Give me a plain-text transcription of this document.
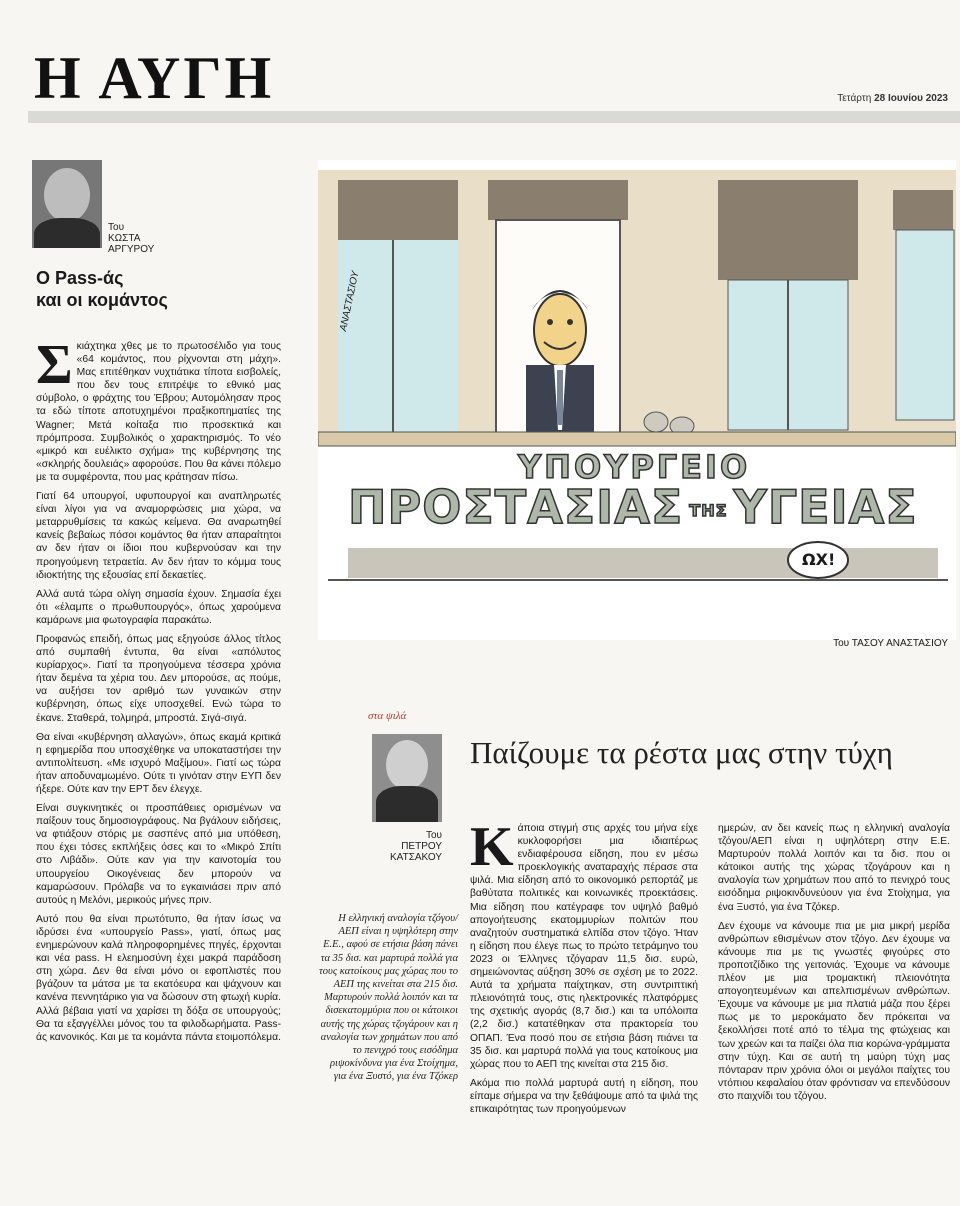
Η ΑΥΓΗ	Τετάρτη 28 Ιουνίου 2023
Του
ΚΩΣΤΑ
ΑΡΓΥΡΟΥ
Ο Pass-άς
και οι κομάντος

Σκιάχτηκα χθες με το πρωτοσέλιδο για τους «64 κομάντος, που ρίχνονται στη μάχη». Μας επιτέθηκαν νυχτιάτικα τίποτα εισβολείς, που δεν τους επιτρέψε το εθνικό μας σύμβολο, ο φράχτης του Έβρου; Αυτομόλησαν προς τα εδώ τίποτε αποτυχημένοι πραξικοπηματίες της Wagner; Μετά κοίταξα πιο προσεκτικά και πρόμπροσα. Συμβολικός ο χαρακτηρισμός. Το νέο «μικρό και ευέλικτο σχήμα» της κυβέρνησης της «σκληρής δουλειάς» αφορούσε. Που θα κάνει πόλεμο με τα συμφέροντα, που μας κράτησαν πίσω.

Γιατί 64 υπουργοί, υφυπουργοί και αναπληρωτές είναι λίγοι για να αναμορφώσεις μια χώρα, να μεταρρυθμίσεις τα κακώς κείμενα. Θα αναρωτηθεί κανείς βεβαίως πόσοι κομάντος θα ήταν απαραίτητοι αν δεν ήταν οι ίδιοι που κυβερνούσαν και την προηγούμενη τετραετία. Αν δεν ήταν το κόμμα τους ιδιοκτήτης της εξουσίας επί δεκαετίες.

Αλλά αυτά τώρα ολίγη σημασία έχουν. Σημασία έχει ότι «έλαμπε ο πρωθυπουργός», όπως χαρούμενα καμάρωνε μια φωτογραφία παρακάτω.

Προφανώς επειδή, όπως μας εξηγούσε άλλος τίτλος από συμπαθή έντυπα, θα είναι «απόλυτος κυρίαρχος». Γιατί τα προηγούμενα τέσσερα χρόνια ήταν δεμένα τα χέρια του. Δεν μπορούσε, ας πούμε, να αυξήσει τον αριθμό των γυναικών στην κυβέρνηση, όπως είχε υποσχεθεί. Ενώ τώρα το έκανε. Σταθερά, τολμηρά, μπροστά. Σιγά-σιγά.

Θα είναι «κυβέρνηση αλλαγών», όπως εκαμά κριτικά η εφημερίδα που υποσχέθηκε να υποκαταστήσει την αντιπολίτευση. «Με ισχυρό Μαξίμου». Γιατί ως τώρα ήταν αποδυναμωμένο. Ούτε τι γινόταν στην ΕΥΠ δεν ήξερε. Ούτε καν την ΕΡΤ δεν έλεγχε.

Είναι συγκινητικές οι προσπάθειες ορισμένων να παίξουν τους δημοσιογράφους. Να βγάλουν ειδήσεις, να φτιάξουν στόρις με σασπένς από μια υπόθεση, που έχει τόσες εκπλήξεις όσες και το «Μικρό Σπίτι στο Λιβάδι». Ούτε καν για την καινοτομία του υπουργείου Οικογένειας δεν μπορούν να καμαρώσουν. Πρόλαβε να το εγκαινιάσει πριν από αυτούς η Μελόνι, μερικούς μήνες πριν.

Αυτό που θα είναι πρωτότυπο, θα ήταν ίσως να ιδρύσει ένα «υπουργείο Pass», γιατί, όπως μας ενημερώνουν καλά πληροφορημένες πηγές, έρχονται και νέα pass. Η ελεημοσύνη έχει μακρά παράδοση στη χώρα. Δεν θα είναι μόνο οι εφοπλιστές που βγάζουν τα μάτσα με τα εκατόευρα και ψάχνουν και κανένα πεννητάρικο για να δώσουν στη φτωχή κυρία. Αλλά βέβαια γιατί να χαρίσει τη δόξα σε υπουργούς; Θα τα εξαγγέλλει μόνος του τα φιλοδωρήματα. Pass-άς κανονικός. Και με τα κομάντα πάντα ετοιμοπόλεμα.

ΥΠΟΥΡΓΕΙΟ
ΠΡΟΣΤΑΣΙΑΣ ΤΗΣ ΥΓΕΙΑΣ
ΩΧ!
ΑΝΑΣΤΑΣΙΟΥ
Του ΤΑΣΟΥ ΑΝΑΣΤΑΣΙΟΥ
στα ψιλά
Του
ΠΕΤΡΟΥ
ΚΑΤΣΑΚΟΥ
Παίζουμε τα ρέστα μας στην τύχη
Η ελληνική αναλογία τζόγου/ΑΕΠ είναι η υψηλότερη στην Ε.Ε., αφού σε ετήσια βάση πάνει τα 35 δισ. και μαρτυρά πολλά για τους κατοίκους μας χώρας που το ΑΕΠ της κινείται στα 215 δισ. Μαρτυρούν πολλά λοιπόν και τα δισεκατομμύρια που οι κάτοικοι αυτής της χώρας τζογάρουν και η αναλογία των χρημάτων που από το πενιχρό τους εισόδημα ριψοκίνδυνα για ένα Στοίχημα, για ένα Ξυστό, για ένα Τζόκερ

Κάποια στιγμή στις αρχές του μήνα είχε κυκλοφορήσει μια ιδιαιτέρως ενδιαφέρουσα είδηση, που εν μέσω προεκλογικής αναταραχής πέρασε στα ψιλά. Μια είδηση από το οικονομικό ρεπορτάζ με βαθύτατα πολιτικές και κοινωνικές προεκτάσεις. Μια είδηση που κατέγραφε τον υψηλό βαθμό απογοήτευσης εκατομμυρίων πολιτών που αναζητούν συστηματικά ελπίδα στον τζόγο. Ήταν η είδηση που έλεγε πως το πρώτο τετράμηνο του 2023 οι Έλληνες τζόγαραν 11,5 δισ. ευρώ, σημειώνοντας αύξηση 30% σε σχέση με το 2022. Αυτά τα χρήματα παίχτηκαν, στη συντριπτική πλειονότητά τους, στις ηλεκτρονικές πλατφόρμες της σχετικής αγοράς (8,7 δισ.) και τα υπόλοιπα (2,2 δισ.) κατατέθηκαν στα πρακτορεία του ΟΠΑΠ. Ένα ποσό που σε ετήσια βάση πιάνει τα 35 δισ. και μαρτυρά πολλά για τους κατοίκους μια χώρας που το ΑΕΠ της κινείται στα 215 δισ.

Ακόμα πιο πολλά μαρτυρά αυτή η είδηση, που είπαμε σήμερα να την ξεθάψουμε από τα ψιλά της επικαιρότητας των προηγούμενων

ημερών, αν δει κανείς πως η ελληνική αναλογία τζόγου/ΑΕΠ είναι η υψηλότερη στην Ε.Ε. Μαρτυρούν πολλά λοιπόν και τα δισ. που οι κάτοικοι αυτής της χώρας τζογάρουν και η αναλογία των χρημάτων που από το πενιχρό τους εισόδημα ριψοκινδυνεύουν για ένα Στοίχημα, για ένα Ξυστό, για ένα Τζόκερ.

Δεν έχουμε να κάνουμε πια με μια μικρή μερίδα ανθρώπων εθισμένων στον τζόγο. Δεν έχουμε να κάνουμε πια με τις γνωστές φιγούρες στο προποτζίδικο της γειτονιάς. Έχουμε να κάνουμε πλέον με μια τρομακτική πλειονότητα απογοητευμένων και απελπισμένων ανθρώπων. Έχουμε να κάνουμε με μια πλατιά μάζα που ξέρει πως με το μεροκάματο δεν πρόκειται να ξεκολλήσει ποτέ από το τέλμα της φτώχειας και των χρεών και τα παίζει όλα πια κορώνα-γράμματα στην τύχη. Και σε αυτή τη μαύρη τύχη μας πόνταραν πριν χρόνια όλοι οι μεγάλοι παίχτες του ντόπιου κεφαλαίου όταν φρόντισαν να επενδύσουν στο παιχνίδι του τζόγου.
